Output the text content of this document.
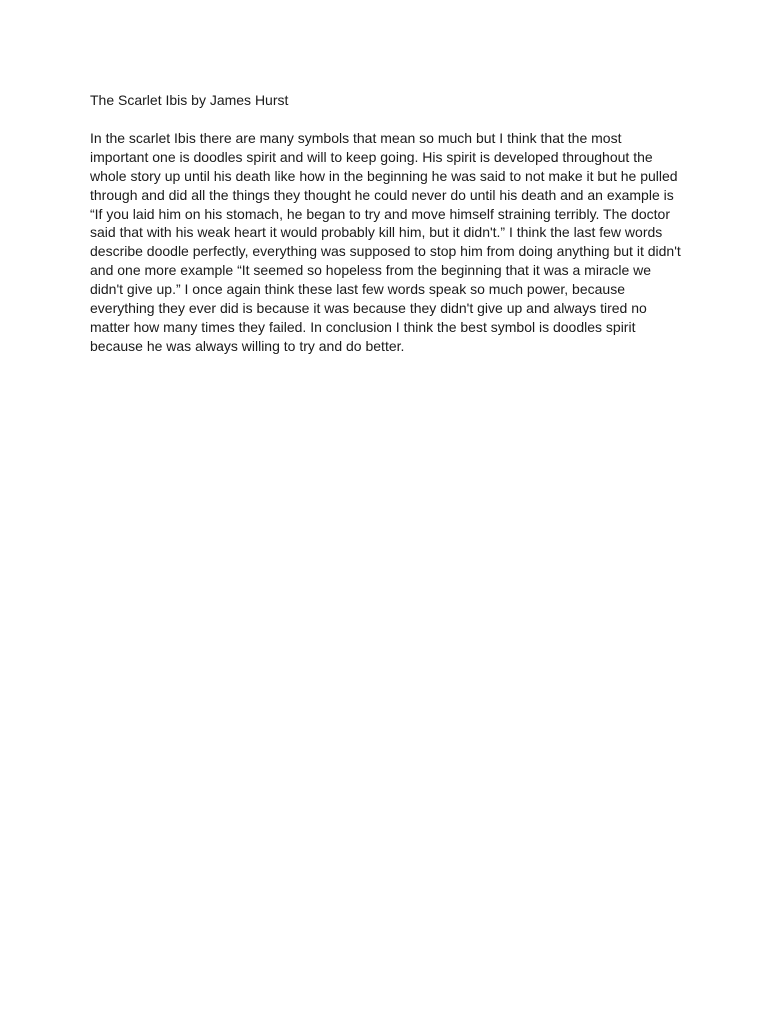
The Scarlet Ibis by James Hurst

In the scarlet Ibis there are many symbols that mean so much but I think that the most important one is doodles spirit and will to keep going. His spirit is developed throughout the whole story up until his death like how in the beginning he was said to not make it but he pulled through and did all the things they thought he could never do until his death and an example is “If you laid him on his stomach, he began to try and move himself straining terribly. The doctor said that with his weak heart it would probably kill him, but it didn't.” I think the last few words describe doodle perfectly, everything was supposed to stop him from doing anything but it didn't and one more example “It seemed so hopeless from the beginning that it was a miracle we didn't give up.” I once again think these last few words speak so much power, because everything they ever did is because it was because they didn't give up and always tired no matter how many times they failed. In conclusion I think the best symbol is doodles spirit because he was always willing to try and do better.
